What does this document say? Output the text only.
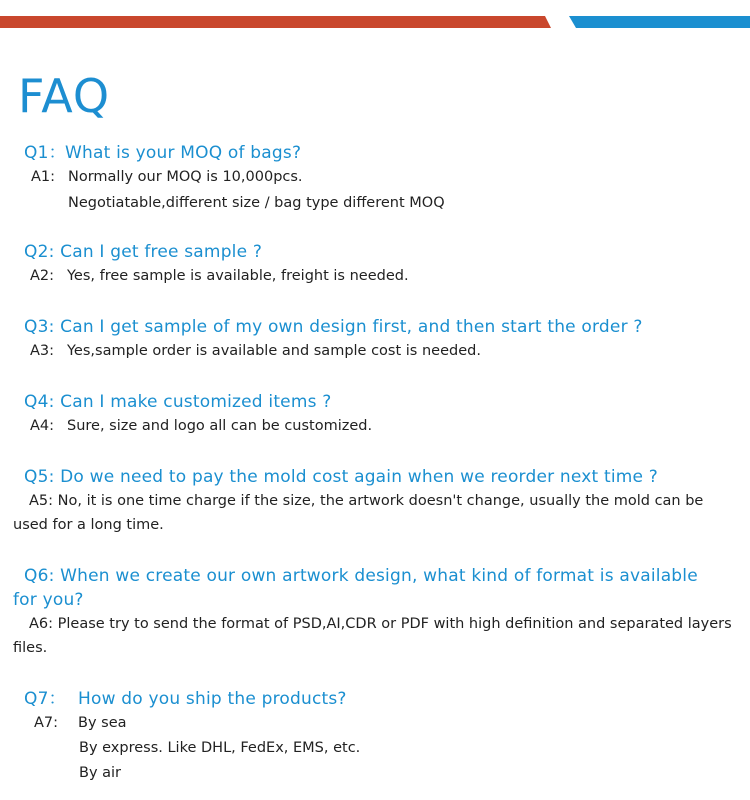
FAQ
Q1： What is your MOQ of bags?
A1: Normally our MOQ is 10,000pcs.
Negotiatable,different size / bag type different MOQ
Q2: Can I get free sample ?
A2: Yes, free sample is available, freight is needed.
Q3: Can I get sample of my own design first, and then start the order ?
A3: Yes,sample order is available and sample cost is needed.
Q4: Can I make customized items ?
A4: Sure, size and logo all can be customized.
Q5: Do we need to pay the mold cost again when we reorder next time ?
A5: No, it is one time charge if the size, the artwork doesn't change, usually the mold can be used for a long time.
Q6: When we create our own artwork design, what kind of format is available for you?
A6: Please try to send the format of PSD,AI,CDR or PDF with high definition and separated layers files.
Q7： How do you ship the products?
A7:	By sea
By express. Like DHL, FedEx, EMS, etc.
By air
